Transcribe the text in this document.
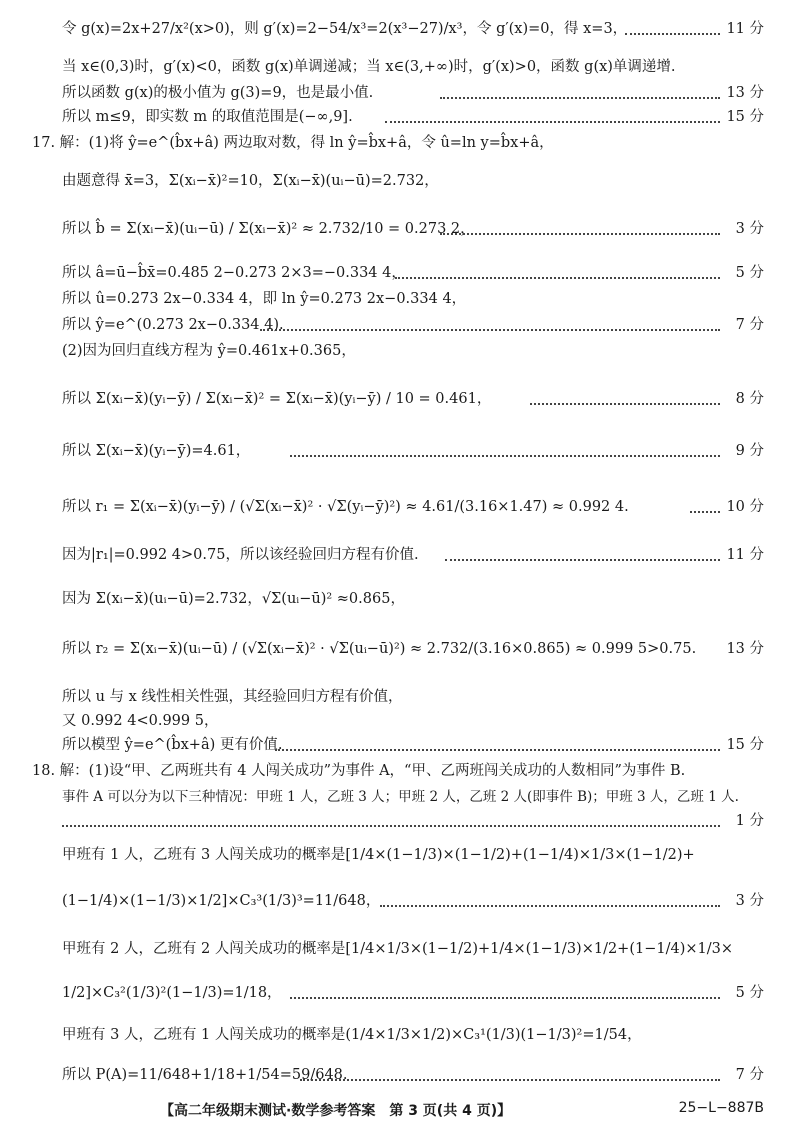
令 g(x)=2x+27/x²(x>0)，则 g′(x)=2−54/x³=2(x³−27)/x³，令 g′(x)=0，得 x=3，	11 分
当 x∈(0,3)时，g′(x)<0，函数 g(x)单调递减；当 x∈(3,+∞)时，g′(x)>0，函数 g(x)单调递增.
所以函数 g(x)的极小值为 g(3)=9，也是最小值.	13 分
所以 m≤9，即实数 m 的取值范围是(−∞,9].	15 分
17. 解：(1)将 ŷ=e^(b̂x+â) 两边取对数，得 ln ŷ=b̂x+â，令 û=ln y=b̂x+â，
由题意得 x̄=3，Σ(xᵢ−x̄)²=10，Σ(xᵢ−x̄)(uᵢ−ū)=2.732，
所以 b̂ = Σ(xᵢ−x̄)(uᵢ−ū) / Σ(xᵢ−x̄)² ≈ 2.732/10 = 0.273 2，	3 分
所以 â=ū−b̂x̄=0.485 2−0.273 2×3=−0.334 4，	5 分
所以 û=0.273 2x−0.334 4，即 ln ŷ=0.273 2x−0.334 4，
所以 ŷ=e^(0.273 2x−0.334 4).	7 分
(2)因为回归直线方程为 ŷ=0.461x+0.365，
所以 Σ(xᵢ−x̄)(yᵢ−ȳ) / Σ(xᵢ−x̄)² = Σ(xᵢ−x̄)(yᵢ−ȳ) / 10 = 0.461，	8 分
所以 Σ(xᵢ−x̄)(yᵢ−ȳ)=4.61，	9 分
所以 r₁ = Σ(xᵢ−x̄)(yᵢ−ȳ) / (√Σ(xᵢ−x̄)² · √Σ(yᵢ−ȳ)²) ≈ 4.61/(3.16×1.47) ≈ 0.992 4.	10 分
因为|r₁|=0.992 4>0.75，所以该经验回归方程有价值.	11 分
因为 Σ(xᵢ−x̄)(uᵢ−ū)=2.732，√Σ(uᵢ−ū)² ≈0.865，
所以 r₂ = Σ(xᵢ−x̄)(uᵢ−ū) / (√Σ(xᵢ−x̄)² · √Σ(uᵢ−ū)²) ≈ 2.732/(3.16×0.865) ≈ 0.999 5>0.75. 13 分
所以 u 与 x 线性相关性强，其经验回归方程有价值，
又 0.992 4<0.999 5，
所以模型 ŷ=e^(b̂x+â) 更有价值.	15 分
18. 解：(1)设“甲、乙两班共有 4 人闯关成功”为事件 A，“甲、乙两班闯关成功的人数相同”为事件 B.
事件 A 可以分为以下三种情况：甲班 1 人，乙班 3 人；甲班 2 人，乙班 2 人(即事件 B)；甲班 3 人，乙班 1 人.
1 分
甲班有 1 人，乙班有 3 人闯关成功的概率是[1/4×(1−1/3)×(1−1/2)+(1−1/4)×1/3×(1−1/2)+
(1−1/4)×(1−1/3)×1/2]×C₃³(1/3)³=11/648，	3 分
甲班有 2 人，乙班有 2 人闯关成功的概率是[1/4×1/3×(1−1/2)+1/4×(1−1/3)×1/2+(1−1/4)×1/3×
1/2]×C₃²(1/3)²(1−1/3)=1/18，	5 分
甲班有 3 人，乙班有 1 人闯关成功的概率是(1/4×1/3×1/2)×C₃¹(1/3)(1−1/3)²=1/54，
所以 P(A)=11/648+1/18+1/54=59/648.	7 分
【高二年级期末测试·数学参考答案　第 3 页(共 4 页)】	25−L−887B
